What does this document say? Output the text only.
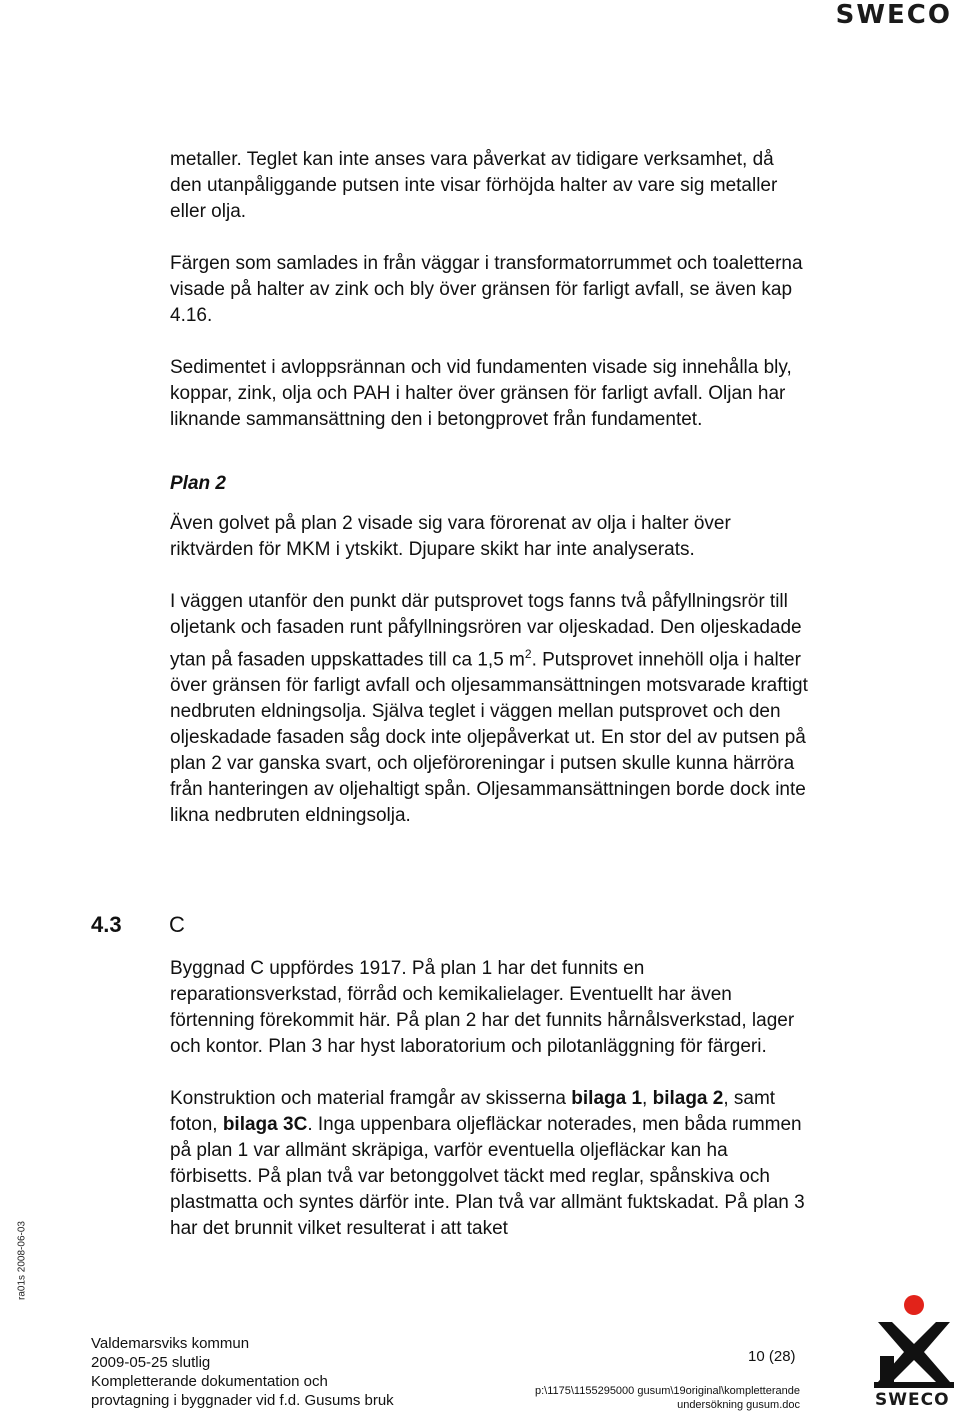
SWECO

metaller. Teglet kan inte anses vara påverkat av tidigare verksamhet, då den utanpåliggande putsen inte visar förhöjda halter av vare sig metaller eller olja.

Färgen som samlades in från väggar i transformatorrummet och toaletterna visade på halter av zink och bly över gränsen för farligt avfall, se även kap 4.16.

Sedimentet i avloppsrännan och vid fundamenten visade sig innehålla bly, koppar, zink, olja och PAH i halter över gränsen för farligt avfall. Oljan har liknande sammansättning den i betongprovet från fundamentet.

Plan 2

Även golvet på plan 2 visade sig vara förorenat av olja i halter över riktvärden för MKM i ytskikt. Djupare skikt har inte analyserats.

I väggen utanför den punkt där putsprovet togs fanns två påfyllningsrör till oljetank och fasaden runt påfyllningsrören var oljeskadad. Den oljeskadade ytan på fasaden uppskattades till ca 1,5 $m^2$. Putsprovet innehöll olja i halter över gränsen för farligt avfall och oljesammansättningen motsvarade kraftigt nedbruten eldningsolja. Själva teglet i väggen mellan putsprovet och den oljeskadade fasaden såg dock inte oljepåverkat ut. En stor del av putsen på plan 2 var ganska svart, och oljeföroreningar i putsen skulle kunna härröra från hanteringen av oljehaltigt spån. Oljesammansättningen borde dock inte likna nedbruten eldningsolja.

4.3	C

Byggnad C uppfördes 1917. På plan 1 har det funnits en reparationsverkstad, förråd och kemikalielager. Eventuellt har även förtenning förekommit här. På plan 2 har det funnits hårnålsverkstad, lager och kontor. Plan 3 har hyst laboratorium och pilotanläggning för färgeri.

Konstruktion och material framgår av skisserna bilaga 1, bilaga 2, samt foton, bilaga 3C. Inga uppenbara oljefläckar noterades, men båda rummen på plan 1 var allmänt skräpiga, varför eventuella oljefläckar kan ha förbisetts. På plan två var betonggolvet täckt med reglar, spånskiva och plastmatta och syntes därför inte. Plan två var allmänt fuktskadat. På plan 3 har det brunnit vilket resulterat i att taket

ra01s 2008-06-03
Valdemarsviks kommun
2009-05-25 slutlig
Kompletterande dokumentation och
provtagning i byggnader vid f.d. Gusums bruk
10 (28)
p:\1175\1155295000 gusum\19original\kompletterande
undersökning gusum.doc	SWECO
